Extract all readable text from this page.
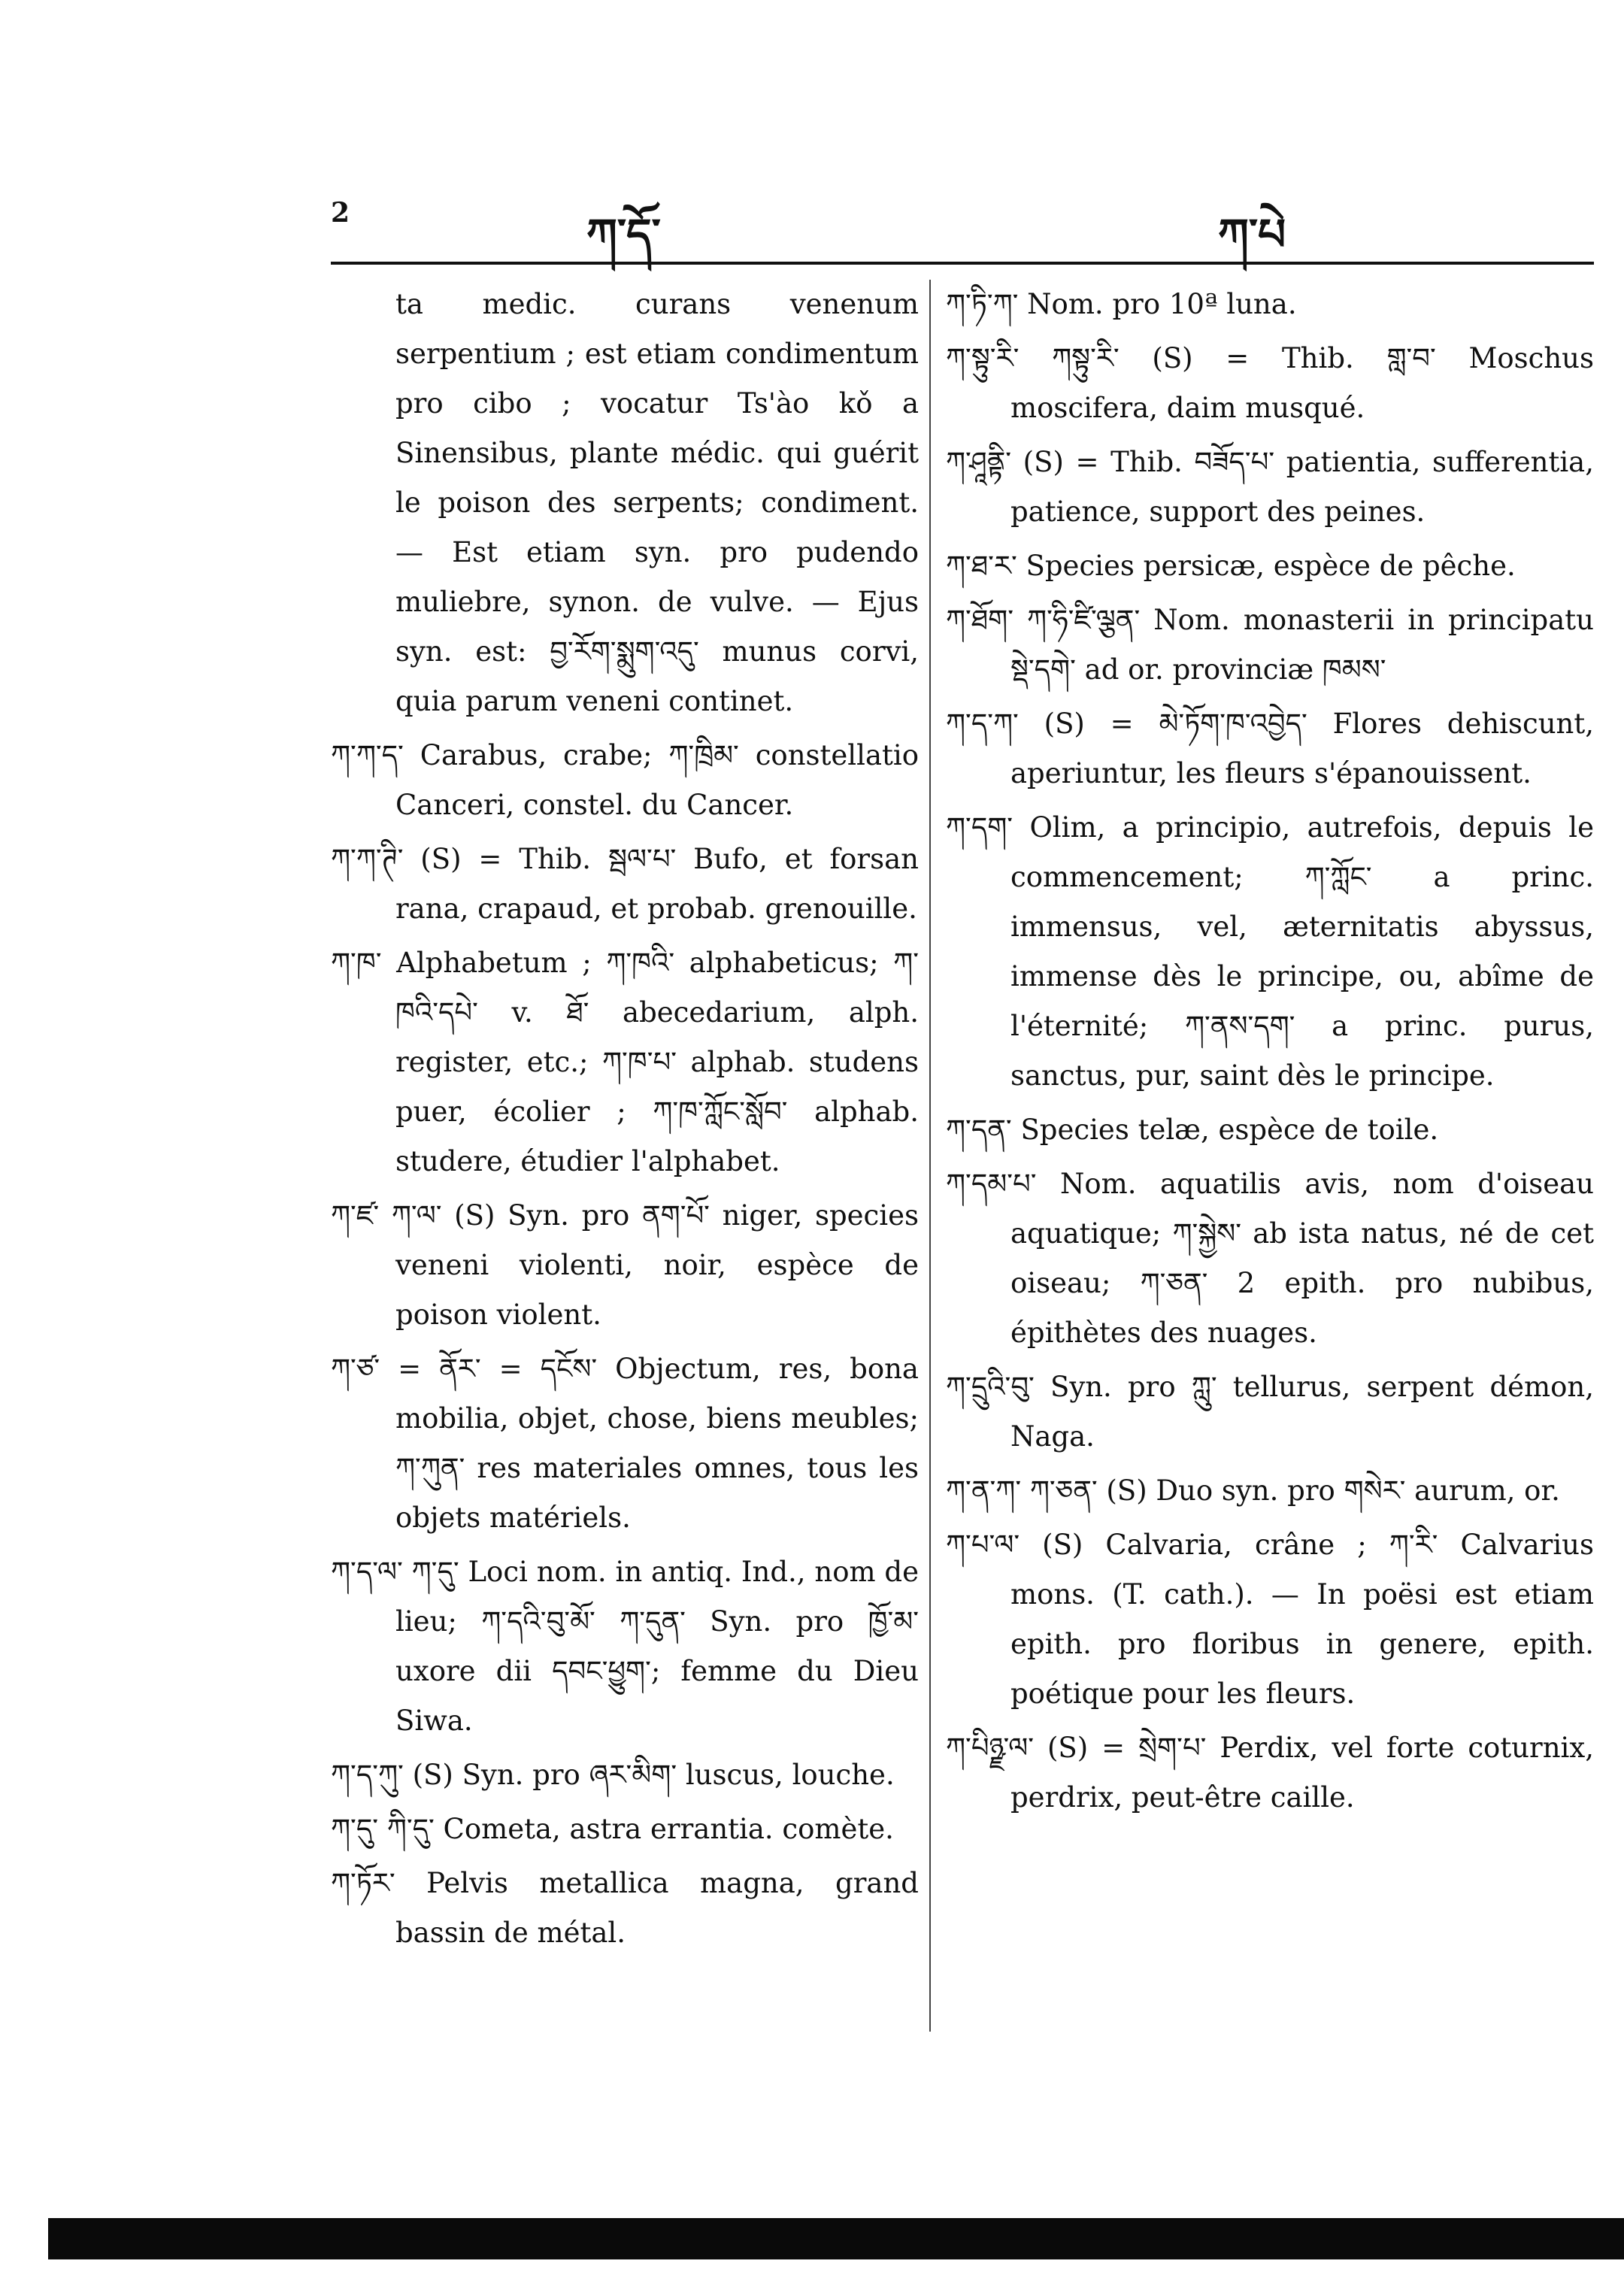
2	ཀ་དོ་	ཀ་པེ

ta medic. curans venenum serpentium ; est etiam condimentum pro cibo ; vocatur Ts'ào kǒ a Sinensibus, plante médic. qui guérit le poison des serpents; condiment. — Est etiam syn. pro pudendo muliebre, synon. de vulve. — Ejus syn. est: བྱ་རོག་སྨུག་འདུ་ munus corvi, quia parum veneni continet.

ཀ་ཀ་ད་ Carabus, crabe; ཀ་ཁྲིམ་ constellatio Canceri, constel. du Cancer.

ཀ་ཀ་ཊི་ (S) = Thib. སྦལ་པ་ Bufo, et forsan rana, crapaud, et probab. grenouille.

ཀ་ཁ་ Alphabetum ; ཀ་ཁའི་ alphabeticus; ཀ་ཁའི་དཔེ་ v. ཐོ་ abecedarium, alph. register, etc.; ཀ་ཁ་པ་ alphab. studens puer, écolier ; ཀ་ཁ་ཀློང་སློབ་ alphab. studere, étudier l'alphabet.

ཀ་ཛ་ ཀ་ལ་ (S) Syn. pro ནག་པོ་ niger, species veneni violenti, noir, espèce de poison violent.

ཀ་ཙ་ = ནོར་ = དངོས་ Objectum, res, bona mobilia, objet, chose, biens meubles; ཀ་ཀུན་ res materiales omnes, tous les objets matériels.

ཀ་ད་ལ་ ཀ་དུ་ Loci nom. in antiq. Ind., nom de lieu; ཀ་དའི་བུ་མོ་ ཀ་དུན་ Syn. pro ཁྱོ་མ་ uxore dii དབང་ཕྱུག་; femme du Dieu Siwa.

ཀ་ད་ཀུ་ (S) Syn. pro ཞར་མིག་ luscus, louche.

ཀ་དུ་ ཀི་དུ་ Cometa, astra errantia. comète.

ཀ་ཏོར་ Pelvis metallica magna, grand bassin de métal.

ཀ་ཏི་ཀ་ Nom. pro 10ª luna.

ཀ་སྟུ་རི་ ཀསྟུ་རི་ (S) = Thib. གླ་བ་ Moschus moscifera, daim musqué.

ཀ་ཤཱནྟི་ (S) = Thib. བཟོད་པ་ patientia, sufferentia, patience, support des peines.

ཀ་ཐ་ར་ Species persicæ, espèce de pêche.

ཀ་ཐོག་ ཀ་ཧི་ཛི་ལྕན་ Nom. monasterii in principatu སྡེ་དགེ་ ad or. provinciæ ཁམས་

ཀ་ད་ཀ་ (S) = མེ་ཏོག་ཁ་འབྱེད་ Flores dehiscunt, aperiuntur, les fleurs s'épanouissent.

ཀ་དག་ Olim, a principio, autrefois, depuis le commencement; ཀ་ཀློང་ a princ. immensus, vel, æternitatis abyssus, immense dès le principe, ou, abîme de l'éternité; ཀ་ནས་དག་ a princ. purus, sanctus, pur, saint dès le principe.

ཀ་དན་ Species telæ, espèce de toile.

ཀ་དམ་པ་ Nom. aquatilis avis, nom d'oiseau aquatique; ཀ་སྐྱེས་ ab ista natus, né de cet oiseau; ཀ་ཅན་ 2 epith. pro nubibus, épithètes des nuages.

ཀ་དྲུའི་བུ་ Syn. pro ཀླུ་ tellurus, serpent démon, Naga.

ཀ་ན་ཀ་ ཀ་ཅན་ (S) Duo syn. pro གསེར་ aurum, or.

ཀ་པ་ལ་ (S) Calvaria, crâne ; ཀ་རི་ Calvarius mons. (T. cath.). — In poësi est etiam epith. pro floribus in genere, epith. poétique pour les fleurs.

ཀ་པིཉྫ་ལ་ (S) = སྲེག་པ་ Perdix, vel forte coturnix, perdrix, peut-être caille.
